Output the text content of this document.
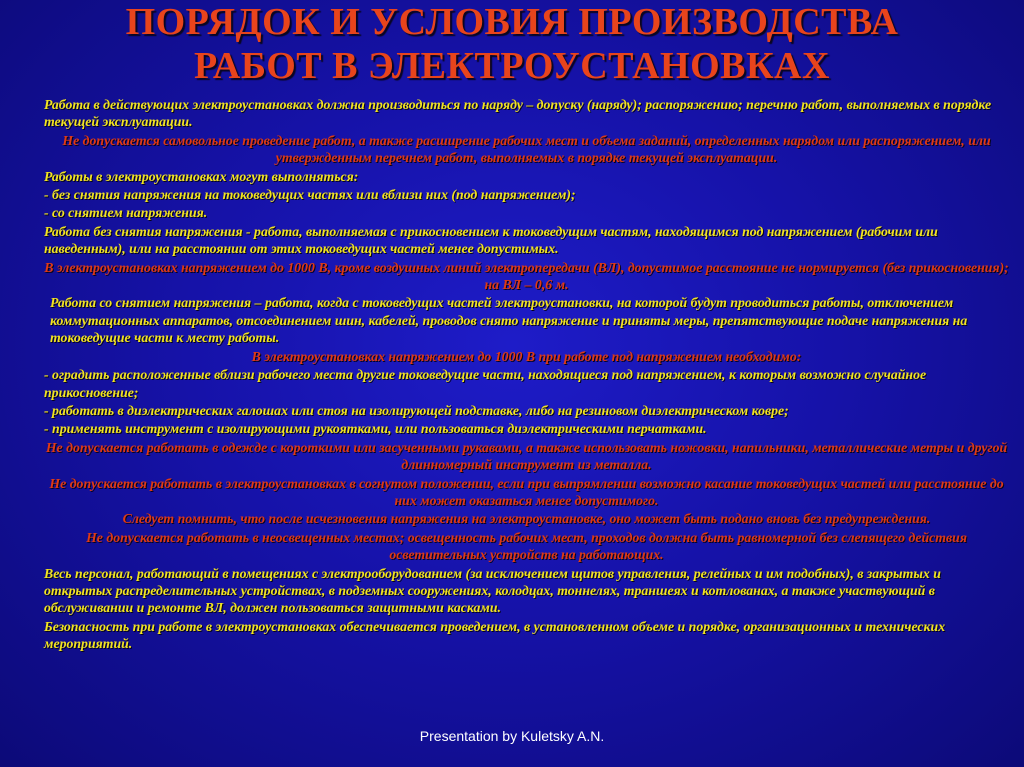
ПОРЯДОК И УСЛОВИЯ ПРОИЗВОДСТВА
РАБОТ В ЭЛЕКТРОУСТАНОВКАХ

Работа в действующих электроустановках должна производиться по наряду – допуску (наряду); распоряжению; перечню работ, выполняемых в порядке текущей эксплуатации.

Не допускается самовольное проведение работ, а также расширение рабочих мест и объема заданий, определенных нарядом или распоряжением, или утвержденным перечнем работ, выполняемых в порядке текущей эксплуатации.

Работы в электроустановках могут выполняться:

- без снятия напряжения на токоведущих частях или вблизи них (под напряжением);

- со снятием напряжения.

Работа без снятия напряжения - работа, выполняемая с прикосновением к токоведущим частям, находящимся под напряжением (рабочим или наведенным), или на расстоянии от этих токоведущих частей менее допустимых.

В электроустановках напряжением до 1000 В, кроме воздушных линий электропередачи (ВЛ), допустимое расстояние не нормируется (без прикосновения); на ВЛ – 0,6 м.

Работа со снятием напряжения – работа, когда с токоведущих частей электроустановки, на которой будут проводиться работы, отключением коммутационных аппаратов, отсоединением шин, кабелей, проводов снято напряжение и приняты меры, препятствующие подаче напряжения на токоведущие части к месту работы.

В электроустановках напряжением до 1000 В при работе под напряжением необходимо:

- оградить расположенные вблизи рабочего места другие токоведущие части, находящиеся под напряжением, к которым возможно случайное прикосновение;

- работать в диэлектрических галошах или стоя на изолирующей подставке, либо на резиновом диэлектрическом ковре;

- применять инструмент с изолирующими рукоятками, или пользоваться диэлектрическими перчатками.

Не допускается работать в одежде с короткими или засученными рукавами, а также использовать ножовки, напильники, металлические метры и другой длинномерный инструмент из металла.

Не допускается работать в электроустановках в согнутом положении, если при выпрямлении возможно касание токоведущих частей или расстояние до них может оказаться менее допустимого.

Следует помнить, что после исчезновения напряжения на электроустановке, оно может быть подано вновь без предупреждения.

Не допускается работать в неосвещенных местах; освещенность рабочих мест, проходов должна быть равномерной без слепящего действия осветительных устройств на работающих.

Весь персонал, работающий в помещениях с электрооборудованием (за исключением щитов управления, релейных и им подобных), в закрытых и открытых распределительных устройствах, в подземных сооружениях, колодцах, тоннелях, траншеях и котлованах, а также участвующий в обслуживании и ремонте ВЛ, должен пользоваться защитными касками.

Безопасность при работе в электроустановках обеспечивается проведением, в установленном объеме и порядке, организационных и технических мероприятий.

Presentation by Kuletsky A.N.
